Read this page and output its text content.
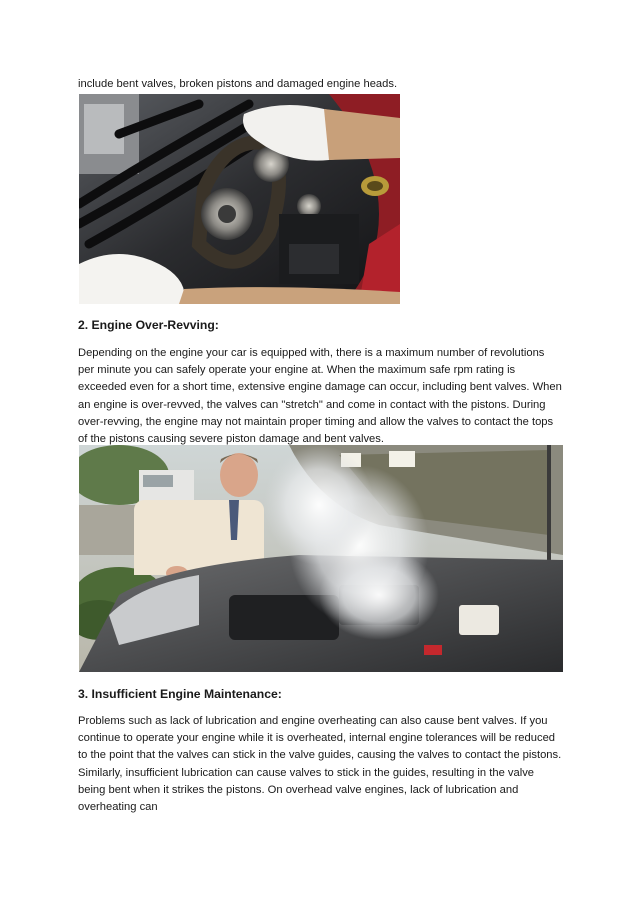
include bent valves, broken pistons and damaged engine heads.

2. Engine Over-Revving:

Depending on the engine your car is equipped with, there is a maximum number of revolutions per minute you can safely operate your engine at. When the maximum safe rpm rating is exceeded even for a short time, extensive engine damage can occur, including bent valves. When an engine is over-revved, the valves can "stretch" and come in contact with the pistons. During over-revving, the engine may not maintain proper timing and allow the valves to contact the tops of the pistons causing severe piston damage and bent valves.

3. Insufficient Engine Maintenance:

Problems such as lack of lubrication and engine overheating can also cause bent valves. If you continue to operate your engine while it is overheated, internal engine tolerances will be reduced to the point that the valves can stick in the valve guides, causing the valves to contact the pistons. Similarly, insufficient lubrication can cause valves to stick in the guides, resulting in the valve being bent when it strikes the pistons. On overhead valve engines, lack of lubrication and overheating can
